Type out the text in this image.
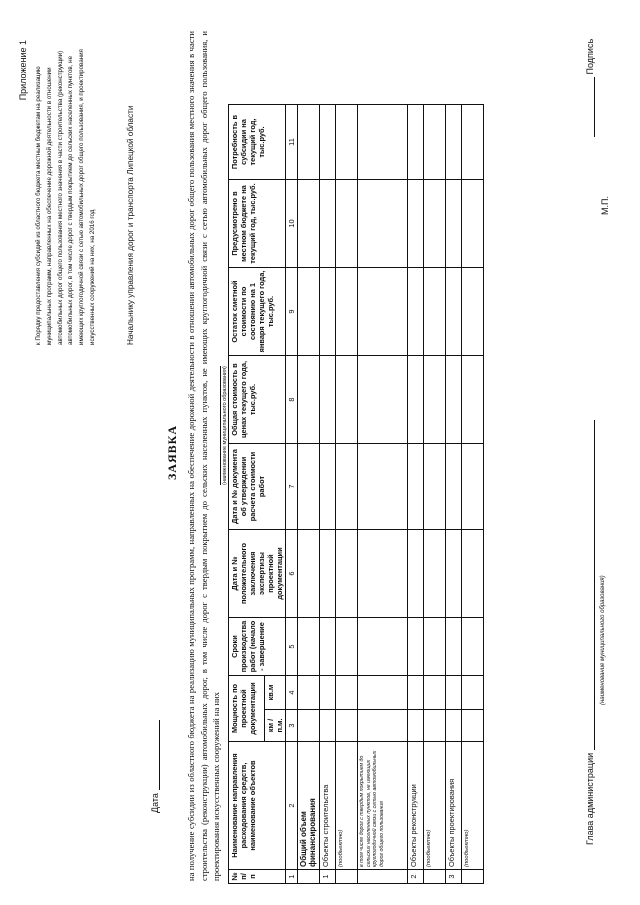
Приложение 1 к Порядку предоставления субсидий из областного бюджета местным бюджетам на реализацию муниципальных программ, направленных на обеспечение дорожной деятельности в отношении автомобильных дорог общего пользования местного значения в части строительства (реконструкции) автомобильных дорог, в том числе дорог с твердым покрытием до сельских населенных пунктов, не имеющих круглогодичной связи с сетью автомобильных дорог общего пользования, и проектирования искусственных сооружений на них, на 2016 год	Начальнику управления дорог и транспорта Липецкой области
Дата
ЗАЯВКА на получение субсидии из областного бюджета на реализацию муниципальных программ, направленных на обеспечение дорожной деятельности в отношении автомобильных дорог общего пользования местного значения в части строительства (реконструкции) автомобильных дорог, в том числе дорог с твердым покрытием до сельских населенных пунктов, не имеющих круглогодичной связи с сетью автомобильных дорог общего пользования, и проектирования искусственных сооружений на них
(наименование муниципального образования)
№ п/п	Наименование направления расходования средств, наименование объектов	Мощность по проектной документации		Сроки производства работ (начало - завершение	Дата и № положительного заключения экспертизы проектной документации	Дата и № документа об утверждении расчета стоимости работ	Общая стоимость в ценах текущего года, тыс.руб.	Остаток сметной стоимости по состоянию на 1 января текущего года, тыс.руб.	Предусмотрено в местном бюджете на текущий год, тыс.руб.	Потребность в субсидии на текущий год, тыс.руб.
		км / п.м.	кв.м							
1	2	3	4	5	6	7	8	9	10	11
	Общий объем финансирования									
1	Объекты строительства									
	(пообъектно)									
	в том числе дорог с твердым покрытием до сельских населенных пунктов, не имеющих круглогодичной связи с сетью автомобильных дорог общего пользования									
2	Объекты реконструкции									
	(пообъектно)									
3	Объекты проектирования									
	(пообъектно)									
Глава администрации
(наименование муниципального образования)
Подпись
М.П.
